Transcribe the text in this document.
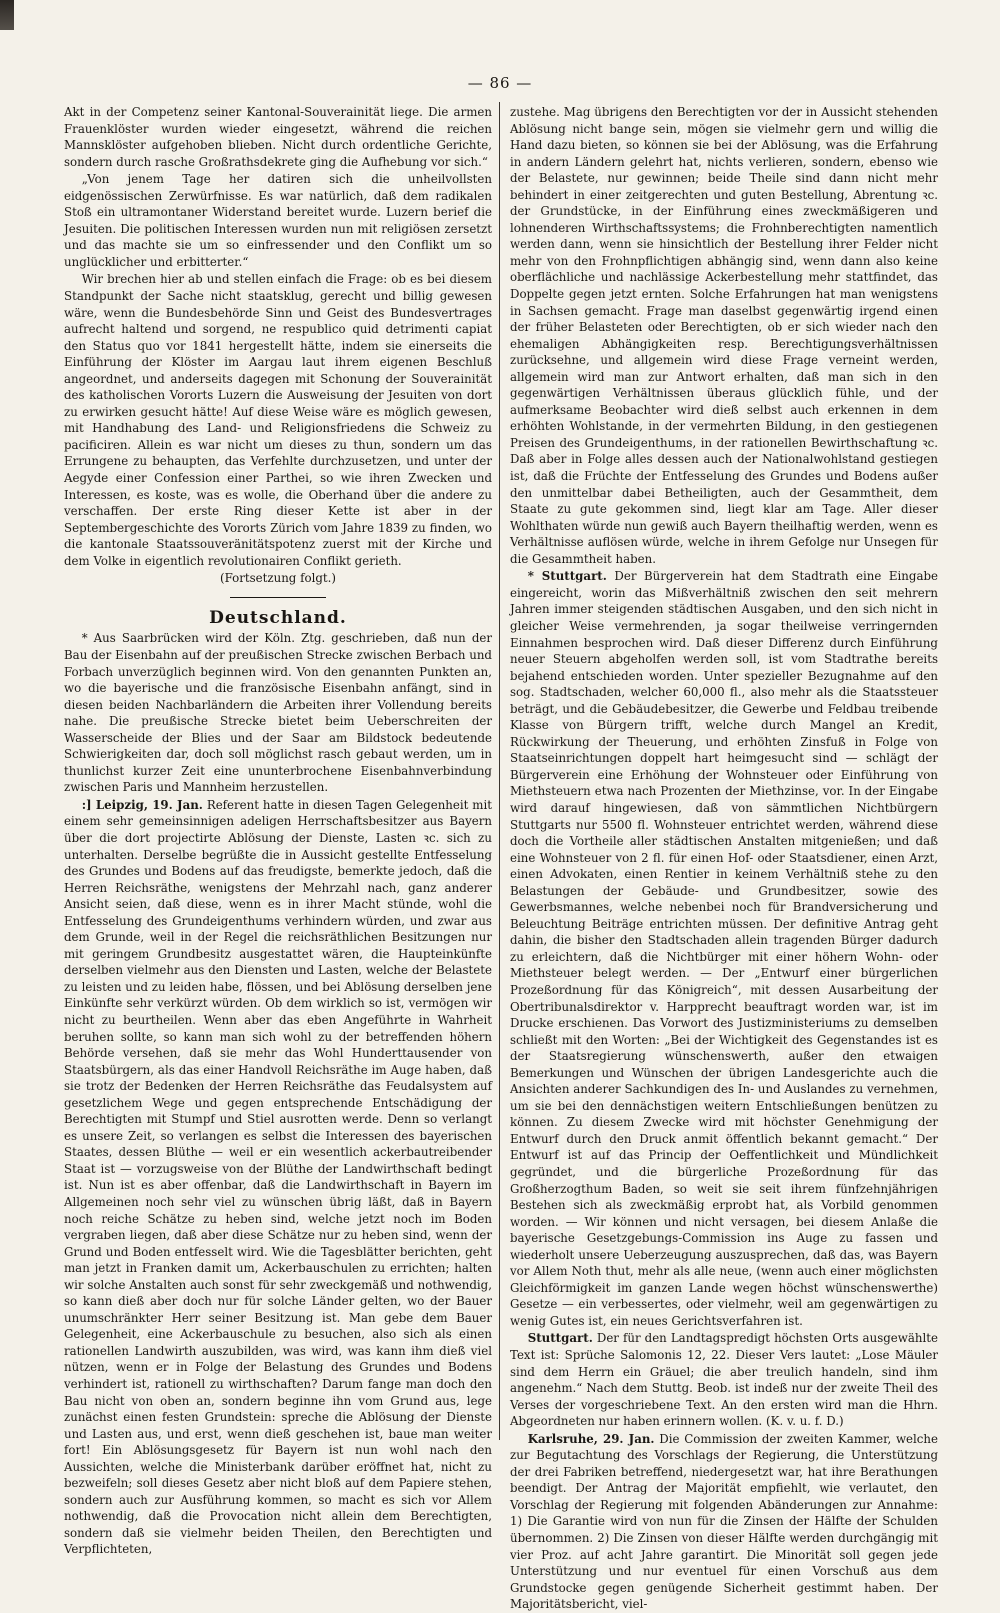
— 86 —

Akt in der Competenz seiner Kantonal-Souverainität liege. Die armen Frauenklöster wurden wieder eingesetzt, während die reichen Mannsklöster aufgehoben blieben. Nicht durch ordentliche Gerichte, sondern durch rasche Großrathsdekrete ging die Aufhebung vor sich.“

„Von jenem Tage her datiren sich die unheilvollsten eidgenössischen Zerwürfnisse. Es war natürlich, daß dem radikalen Stoß ein ultramontaner Widerstand bereitet wurde. Luzern berief die Jesuiten. Die politischen Interessen wurden nun mit religiösen zersetzt und das machte sie um so einfressender und den Conflikt um so unglücklicher und erbitterter.“

Wir brechen hier ab und stellen einfach die Frage: ob es bei diesem Standpunkt der Sache nicht staatsklug, gerecht und billig gewesen wäre, wenn die Bundesbehörde Sinn und Geist des Bundesvertrages aufrecht haltend und sorgend, ne respublico quid detrimenti capiat den Status quo vor 1841 hergestellt hätte, indem sie einerseits die Einführung der Klöster im Aargau laut ihrem eigenen Beschluß angeordnet, und anderseits dagegen mit Schonung der Souverainität des katholischen Vororts Luzern die Ausweisung der Jesuiten von dort zu erwirken gesucht hätte! Auf diese Weise wäre es möglich gewesen, mit Handhabung des Land- und Religionsfriedens die Schweiz zu pacificiren. Allein es war nicht um dieses zu thun, sondern um das Errungene zu behaupten, das Verfehlte durchzusetzen, und unter der Aegyde einer Confession einer Parthei, so wie ihren Zwecken und Interessen, es koste, was es wolle, die Oberhand über die andere zu verschaffen. Der erste Ring dieser Kette ist aber in der Septembergeschichte des Vororts Zürich vom Jahre 1839 zu finden, wo die kantonale Staatssouveränitätspotenz zuerst mit der Kirche und dem Volke in eigentlich revolutionairen Conflikt gerieth.

(Fortsetzung folgt.)

Deutschland.

* Aus Saarbrücken wird der Köln. Ztg. geschrieben, daß nun der Bau der Eisenbahn auf der preußischen Strecke zwischen Berbach und Forbach unverzüglich beginnen wird. Von den genannten Punkten an, wo die bayerische und die französische Eisenbahn anfängt, sind in diesen beiden Nachbarländern die Arbeiten ihrer Vollendung bereits nahe. Die preußische Strecke bietet beim Ueberschreiten der Wasserscheide der Blies und der Saar am Bildstock bedeutende Schwierigkeiten dar, doch soll möglichst rasch gebaut werden, um in thunlichst kurzer Zeit eine ununterbrochene Eisenbahnverbindung zwischen Paris und Mannheim herzustellen.

:] Leipzig, 19. Jan. Referent hatte in diesen Tagen Gelegenheit mit einem sehr gemeinsinnigen adeligen Herrschaftsbesitzer aus Bayern über die dort projectirte Ablösung der Dienste, Lasten ꝛc. sich zu unterhalten. Derselbe begrüßte die in Aussicht gestellte Entfesselung des Grundes und Bodens auf das freudigste, bemerkte jedoch, daß die Herren Reichsräthe, wenigstens der Mehrzahl nach, ganz anderer Ansicht seien, daß diese, wenn es in ihrer Macht stünde, wohl die Entfesselung des Grundeigenthums verhindern würden, und zwar aus dem Grunde, weil in der Regel die reichsräthlichen Besitzungen nur mit geringem Grundbesitz ausgestattet wären, die Haupteinkünfte derselben vielmehr aus den Diensten und Lasten, welche der Belastete zu leisten und zu leiden habe, flössen, und bei Ablösung derselben jene Einkünfte sehr verkürzt würden. Ob dem wirklich so ist, vermögen wir nicht zu beurtheilen. Wenn aber das eben Angeführte in Wahrheit beruhen sollte, so kann man sich wohl zu der betreffenden höhern Behörde versehen, daß sie mehr das Wohl Hunderttausender von Staatsbürgern, als das einer Handvoll Reichsräthe im Auge haben, daß sie trotz der Bedenken der Herren Reichsräthe das Feudalsystem auf gesetzlichem Wege und gegen entsprechende Entschädigung der Berechtigten mit Stumpf und Stiel ausrotten werde. Denn so verlangt es unsere Zeit, so verlangen es selbst die Interessen des bayerischen Staates, dessen Blüthe — weil er ein wesentlich ackerbautreibender Staat ist — vorzugsweise von der Blüthe der Landwirthschaft bedingt ist. Nun ist es aber offenbar, daß die Landwirthschaft in Bayern im Allgemeinen noch sehr viel zu wünschen übrig läßt, daß in Bayern noch reiche Schätze zu heben sind, welche jetzt noch im Boden vergraben liegen, daß aber diese Schätze nur zu heben sind, wenn der Grund und Boden entfesselt wird. Wie die Tagesblätter berichten, geht man jetzt in Franken damit um, Ackerbauschulen zu errichten; halten wir solche Anstalten auch sonst für sehr zweckgemäß und nothwendig, so kann dieß aber doch nur für solche Länder gelten, wo der Bauer unumschränkter Herr seiner Besitzung ist. Man gebe dem Bauer Gelegenheit, eine Ackerbauschule zu besuchen, also sich als einen rationellen Landwirth auszubilden, was wird, was kann ihm dieß viel nützen, wenn er in Folge der Belastung des Grundes und Bodens verhindert ist, rationell zu wirthschaften? Darum fange man doch den Bau nicht von oben an, sondern beginne ihn vom Grund aus, lege zunächst einen festen Grundstein: spreche die Ablösung der Dienste und Lasten aus, und erst, wenn dieß geschehen ist, baue man weiter fort! Ein Ablösungsgesetz für Bayern ist nun wohl nach den Aussichten, welche die Ministerbank darüber eröffnet hat, nicht zu bezweifeln; soll dieses Gesetz aber nicht bloß auf dem Papiere stehen, sondern auch zur Ausführung kommen, so macht es sich vor Allem nothwendig, daß die Provocation nicht allein dem Berechtigten, sondern daß sie vielmehr beiden Theilen, den Berechtigten und Verpflichteten,

zustehe. Mag übrigens den Berechtigten vor der in Aussicht stehenden Ablösung nicht bange sein, mögen sie vielmehr gern und willig die Hand dazu bieten, so können sie bei der Ablösung, was die Erfahrung in andern Ländern gelehrt hat, nichts verlieren, sondern, ebenso wie der Belastete, nur gewinnen; beide Theile sind dann nicht mehr behindert in einer zeitgerechten und guten Bestellung, Abrentung ꝛc. der Grundstücke, in der Einführung eines zweckmäßigeren und lohnenderen Wirthschaftssystems; die Frohnberechtigten namentlich werden dann, wenn sie hinsichtlich der Bestellung ihrer Felder nicht mehr von den Frohnpflichtigen abhängig sind, wenn dann also keine oberflächliche und nachlässige Ackerbestellung mehr stattfindet, das Doppelte gegen jetzt ernten. Solche Erfahrungen hat man wenigstens in Sachsen gemacht. Frage man daselbst gegenwärtig irgend einen der früher Belasteten oder Berechtigten, ob er sich wieder nach den ehemaligen Abhängigkeiten resp. Berechtigungsverhältnissen zurücksehne, und allgemein wird diese Frage verneint werden, allgemein wird man zur Antwort erhalten, daß man sich in den gegenwärtigen Verhältnissen überaus glücklich fühle, und der aufmerksame Beobachter wird dieß selbst auch erkennen in dem erhöhten Wohlstande, in der vermehrten Bildung, in den gestiegenen Preisen des Grundeigenthums, in der rationellen Bewirthschaftung ꝛc. Daß aber in Folge alles dessen auch der Nationalwohlstand gestiegen ist, daß die Früchte der Entfesselung des Grundes und Bodens außer den unmittelbar dabei Betheiligten, auch der Gesammtheit, dem Staate zu gute gekommen sind, liegt klar am Tage. Aller dieser Wohlthaten würde nun gewiß auch Bayern theilhaftig werden, wenn es Verhältnisse auflösen würde, welche in ihrem Gefolge nur Unsegen für die Gesammtheit haben.

* Stuttgart. Der Bürgerverein hat dem Stadtrath eine Eingabe eingereicht, worin das Mißverhältniß zwischen den seit mehrern Jahren immer steigenden städtischen Ausgaben, und den sich nicht in gleicher Weise vermehrenden, ja sogar theilweise verringernden Einnahmen besprochen wird. Daß dieser Differenz durch Einführung neuer Steuern abgeholfen werden soll, ist vom Stadtrathe bereits bejahend entschieden worden. Unter spezieller Bezugnahme auf den sog. Stadtschaden, welcher 60,000 fl., also mehr als die Staatssteuer beträgt, und die Gebäudebesitzer, die Gewerbe und Feldbau treibende Klasse von Bürgern trifft, welche durch Mangel an Kredit, Rückwirkung der Theuerung, und erhöhten Zinsfuß in Folge von Staatseinrichtungen doppelt hart heimgesucht sind — schlägt der Bürgerverein eine Erhöhung der Wohnsteuer oder Einführung von Miethsteuern etwa nach Prozenten der Miethzinse, vor. In der Eingabe wird darauf hingewiesen, daß von sämmtlichen Nichtbürgern Stuttgarts nur 5500 fl. Wohnsteuer entrichtet werden, während diese doch die Vortheile aller städtischen Anstalten mitgenießen; und daß eine Wohnsteuer von 2 fl. für einen Hof- oder Staatsdiener, einen Arzt, einen Advokaten, einen Rentier in keinem Verhältniß stehe zu den Belastungen der Gebäude- und Grundbesitzer, sowie des Gewerbsmannes, welche nebenbei noch für Brandversicherung und Beleuchtung Beiträge entrichten müssen. Der definitive Antrag geht dahin, die bisher den Stadtschaden allein tragenden Bürger dadurch zu erleichtern, daß die Nichtbürger mit einer höhern Wohn- oder Miethsteuer belegt werden. — Der „Entwurf einer bürgerlichen Prozeßordnung für das Königreich“, mit dessen Ausarbeitung der Obertribunalsdirektor v. Harpprecht beauftragt worden war, ist im Drucke erschienen. Das Vorwort des Justizministeriums zu demselben schließt mit den Worten: „Bei der Wichtigkeit des Gegenstandes ist es der Staatsregierung wünschenswerth, außer den etwaigen Bemerkungen und Wünschen der übrigen Landesgerichte auch die Ansichten anderer Sachkundigen des In- und Auslandes zu vernehmen, um sie bei den dennächstigen weitern Entschließungen benützen zu können. Zu diesem Zwecke wird mit höchster Genehmigung der Entwurf durch den Druck anmit öffentlich bekannt gemacht.“ Der Entwurf ist auf das Princip der Oeffentlichkeit und Mündlichkeit gegründet, und die bürgerliche Prozeßordnung für das Großherzogthum Baden, so weit sie seit ihrem fünfzehnjährigen Bestehen sich als zweckmäßig erprobt hat, als Vorbild genommen worden. — Wir können und nicht versagen, bei diesem Anlaße die bayerische Gesetzgebungs-Commission ins Auge zu fassen und wiederholt unsere Ueberzeugung auszusprechen, daß das, was Bayern vor Allem Noth thut, mehr als alle neue, (wenn auch einer möglichsten Gleichförmigkeit im ganzen Lande wegen höchst wünschenswerthe) Gesetze — ein verbessertes, oder vielmehr, weil am gegenwärtigen zu wenig Gutes ist, ein neues Gerichtsverfahren ist.

Stuttgart. Der für den Landtagspredigt höchsten Orts ausgewählte Text ist: Sprüche Salomonis 12, 22. Dieser Vers lautet: „Lose Mäuler sind dem Herrn ein Gräuel; die aber treulich handeln, sind ihm angenehm.“ Nach dem Stuttg. Beob. ist indeß nur der zweite Theil des Verses der vorgeschriebene Text. An den ersten wird man die Hhrn. Abgeordneten nur haben erinnern wollen. (K. v. u. f. D.)

Karlsruhe, 29. Jan. Die Commission der zweiten Kammer, welche zur Begutachtung des Vorschlags der Regierung, die Unterstützung der drei Fabriken betreffend, niedergesetzt war, hat ihre Berathungen beendigt. Der Antrag der Majorität empfiehlt, wie verlautet, den Vorschlag der Regierung mit folgenden Abänderungen zur Annahme: 1) Die Garantie wird von nun für die Zinsen der Hälfte der Schulden übernommen. 2) Die Zinsen von dieser Hälfte werden durchgängig mit vier Proz. auf acht Jahre garantirt. Die Minorität soll gegen jede Unterstützung und nur eventuel für einen Vorschuß aus dem Grundstocke gegen genügende Sicherheit gestimmt haben. Der Majoritätsbericht, viel-
